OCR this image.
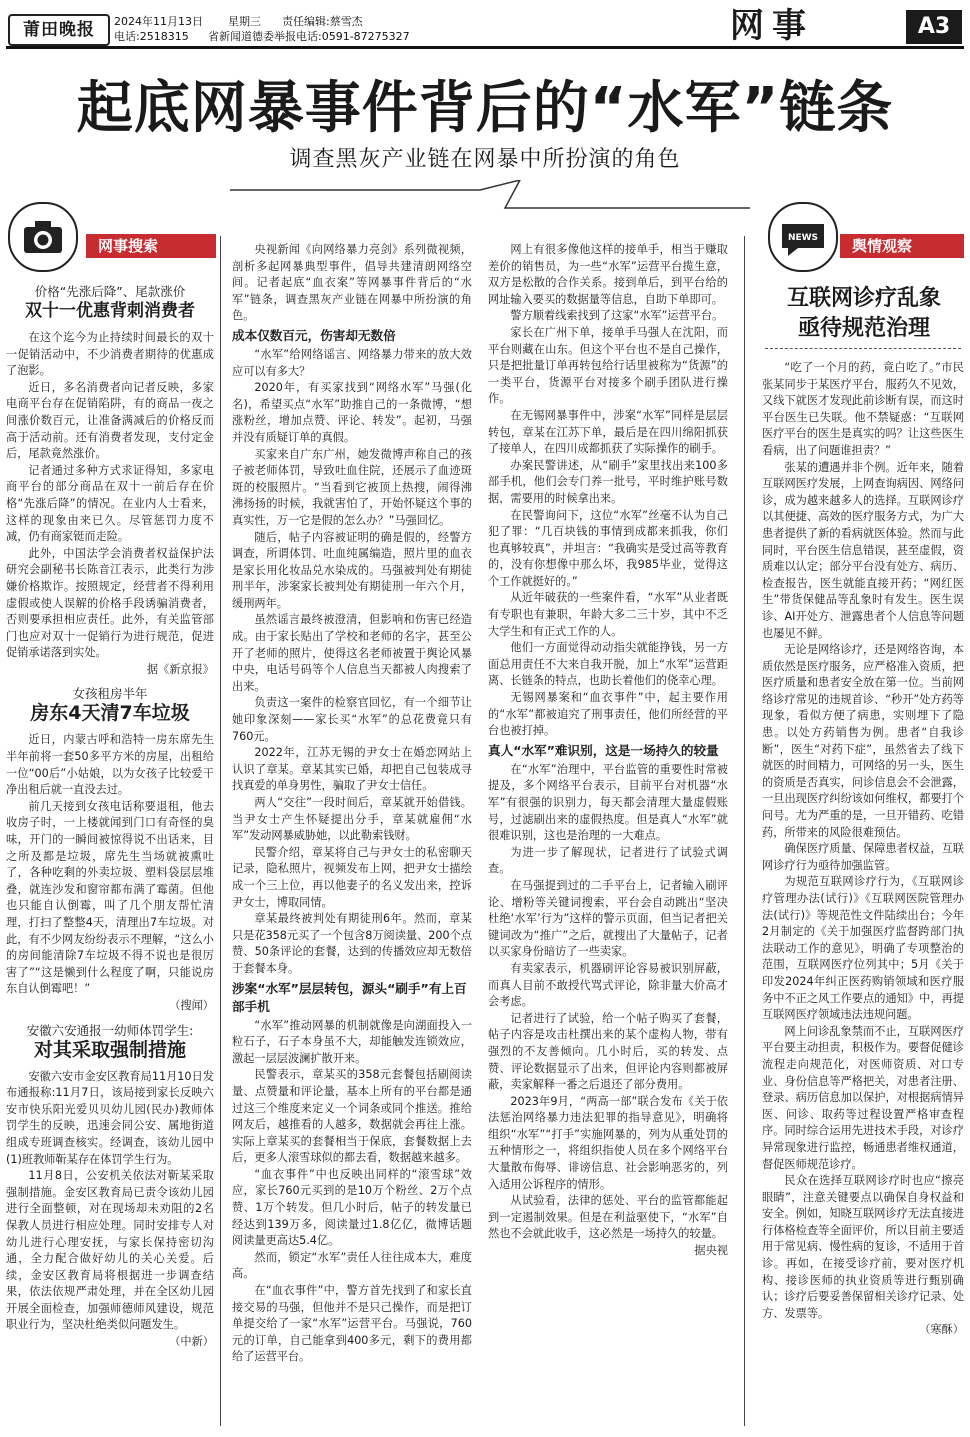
莆田晚报	2024年11月13日 星期三 责任编辑:蔡雪杰
电话:2518315 省新闻道德委举报电话:0591-87275327	网事	A3
起底网暴事件背后的“水军”链条
调查黑灰产业链在网暴中所扮演的角色
网事搜索
价格“先涨后降”、尾款涨价
双十一优惠背刺消费者

在这个迄今为止持续时间最长的双十一促销活动中，不少消费者期待的优惠成了泡影。

近日，多名消费者向记者反映，多家电商平台存在促销陷阱，有的商品一夜之间涨价数百元，让准备满减后的价格反而高于活动前。还有消费者发现，支付定金后，尾款竟然涨价。

记者通过多种方式求证得知，多家电商平台的部分商品在双十一前后存在价格“先涨后降”的情况。在业内人士看来，这样的现象由来已久。尽管惩罚力度不减，仍有商家铤而走险。

此外，中国法学会消费者权益保护法研究会副秘书长陈音江表示，此类行为涉嫌价格欺诈。按照规定，经营者不得利用虚假或使人误解的价格手段诱骗消费者，否则要承担相应责任。此外，有关监管部门也应对双十一促销行为进行规范，促进促销承诺落到实处。

据《新京报》

女孩租房半年
房东4天清7车垃圾

近日，内蒙古呼和浩特一房东席先生半年前将一套50多平方米的房屋，出租给一位“00后”小姑娘，以为女孩子比较爱干净出租后就一直没去过。

前几天接到女孩电话称要退租，他去收房子时，一上楼就闻到门口有奇怪的臭味，开门的一瞬间被惊得说不出话来，目之所及都是垃圾，席先生当场就被熏吐了，各种吃剩的外卖垃圾、塑料袋层层堆叠，就连沙发和窗帘都布满了霉菌。但他也只能自认倒霉，叫了几个朋友帮忙清理，打扫了整整4天，清理出7车垃圾。对此，有不少网友纷纷表示不理解，“这么小的房间能清除7车垃圾不得不说也是很厉害了”“这是懒到什么程度了啊，只能说房东自认倒霉吧！”

（搜闻）

安徽六安通报一幼师体罚学生:
对其采取强制措施

安徽六安市金安区教育局11月10日发布通报称:11月7日，该局接到家长反映六安市快乐阳光爱贝贝幼儿园(民办)教师体罚学生的反映，迅速会同公安、属地街道组成专班调查核实。经调查，该幼儿园中(1)班教师靳某存在体罚学生行为。

11月8日，公安机关依法对靳某采取强制措施。金安区教育局已责令该幼儿园进行全面整顿，对在现场却未劝阻的2名保教人员进行相应处理。同时安排专人对幼儿进行心理安抚，与家长保持密切沟通，全力配合做好幼儿的关心关爱。后续，金安区教育局将根据进一步调查结果，依法依规严肃处理，并在全区幼儿园开展全面检查，加强师德师风建设，规范职业行为，坚决杜绝类似问题发生。

（中新）

央视新闻《向网络暴力亮剑》系列微视频，剖析多起网暴典型事件，倡导共建清朗网络空间。记者起底“血衣案”等网暴事件背后的“水军”链条，调查黑灰产业链在网暴中所扮演的角色。

成本仅数百元，伤害却无数倍

“水军”给网络谣言、网络暴力带来的放大效应可以有多大？

2020年，有买家找到“网络水军”马强(化名)，希望买点“水军”助推自己的一条微博，“想涨粉丝，增加点赞、评论、转发”。起初，马强并没有质疑订单的真假。

买家来自广东广州，她发微博声称自己的孩子被老师体罚，导致吐血住院，还展示了血迹斑斑的校服照片。“当看到它被顶上热搜，闹得沸沸扬扬的时候，我就害怕了，开始怀疑这个事的真实性，万一它是假的怎么办？”马强回忆。

随后，帖子内容被证明的确是假的，经警方调查，所谓体罚、吐血纯属编造，照片里的血衣是家长用化妆品兑水染成的。马强被判处有期徒刑半年，涉案家长被判处有期徒刑一年六个月，缓刑两年。

虽然谣言最终被澄清，但影响和伤害已经造成。由于家长贴出了学校和老师的名字，甚至公开了老师的照片，使得这名老师被置于舆论风暴中央，电话号码等个人信息当天都被人肉搜索了出来。

负责这一案件的检察官回忆，有一个细节让她印象深刻——家长买“水军”的总花费竟只有760元。

2022年，江苏无锡的尹女士在婚恋网站上认识了章某。章某其实已婚，却把自己包装成寻找真爱的单身男性，骗取了尹女士信任。

两人“交往”一段时间后，章某就开始借钱。当尹女士产生怀疑提出分手，章某就雇佣“水军”发动网暴威胁她，以此勒索钱财。

民警介绍，章某将自己与尹女士的私密聊天记录，隐私照片，视频发布上网，把尹女士描绘成一个三上位，再以他妻子的名义发出来，控诉尹女士，博取同情。

章某最终被判处有期徒刑6年。然而，章某只是花358元买了一个包含8万阅读量、200个点赞、50条评论的套餐，达到的传播效应却无数倍于套餐本身。

涉案“水军”层层转包，源头“刷手”有上百部手机

“水军”推动网暴的机制就像是向湖面投入一粒石子，石子本身虽不大，却能触发连锁效应，激起一层层波澜扩散开来。

民警表示，章某买的358元套餐包括刷阅读量、点赞量和评论量，基本上所有的平台都是通过这三个维度来定义一个词条或同个推送。推给网友后，越推看的人越多，数据就会再往上涨。实际上章某买的套餐相当于保底，套餐数据上去后，更多人滚雪球似的都去看，数据越来越多。

“血衣事件”中也反映出同样的“滚雪球”效应，家长760元买到的是10万个粉丝、2万个点赞、1万个转发。但几小时后，帖子的转发量已经达到139万多，阅读量过1.8亿亿，微博话题阅读量更高达5.4亿。

然而，锁定“水军”责任人往往成本大，难度高。

在“血衣事件”中，警方首先找到了和家长直接交易的马强，但他并不是只己操作，而是把订单提交给了一家“水军”运营平台。马强说，760元的订单，自己能拿到400多元，剩下的费用都给了运营平台。

网上有很多像他这样的接单手，相当于赚取差价的销售员，为一些“水军”运营平台揽生意，双方是松散的合作关系。接到单后，到平台给的网址输入要买的数据量等信息，自助下单即可。

警方顺着线索找到了这家“水军”运营平台。

家长在广州下单，接单手马强人在沈阳，而平台则藏在山东。但这个平台也不是自己操作，只是把批量订单再转包给行话里被称为“货源”的一类平台，货源平台对接多个刷手团队进行操作。

在无锡网暴事件中，涉案“水军”同样是层层转包，章某在江苏下单，最后是在四川绵阳抓获了接单人，在四川成都抓获了实际操作的刷手。

办案民警讲述，从“刷手”家里找出来100多部手机，他们会专门养一批号，平时维护账号数据，需要用的时候拿出来。

在民警询问下，这位“水军”丝毫不认为自己犯了罪：“几百块钱的事情到成都来抓我，你们也真够较真”，并坦言：“我确实是受过高等教育的，没有你想像中那么坏，我985毕业，觉得这个工作就挺好的。”

从近年破获的一些案件看，“水军”从业者既有专职也有兼职，年龄大多二三十岁，其中不乏大学生和有正式工作的人。

他们一方面觉得动动指尖就能挣钱，另一方面总用责任不大来自我开脱，加上“水军”运营距离、长链条的特点，也助长着他们的侥幸心理。

无锡网暴案和“血衣事件”中，起主要作用的“水军”都被追究了刑事责任，他们所经营的平台也被打掉。

真人“水军”难识别，这是一场持久的较量

在“水军”治理中，平台监管的重要性时常被提及，多个网络平台表示，目前平台对机器“水军”有很强的识别力，每天都会清理大量虚假账号，过滤刷出来的虚假热度。但是真人“水军”就很难识别，这也是治理的一大难点。

为进一步了解现状，记者进行了试验式调查。

在马强提到过的二手平台上，记者输入刷评论、增粉等关键词搜索，平台会自动跳出“坚决杜绝‘水军’行为”这样的警示页面，但当记者把关键词改为“推广”之后，就搜出了大量帖子，记者以买家身份暗访了一些卖家。

有卖家表示，机器刷评论容易被识别屏蔽，而真人目前不敢授代骂式评论，除非量大价高才会考虑。

记者进行了试验，给一个帖子购买了套餐，帖子内容是攻击杜撰出来的某个虚构人物，带有强烈的不友善倾向。几小时后，买的转发、点赞、评论数据显示了出来，但评论内容则都被屏蔽，卖家解释一番之后退还了部分费用。

2023年9月，“两高一部”联合发布《关于依法惩治网络暴力违法犯罪的指导意见》，明确将组织“水军”“打手”实施网暴的，列为从重处罚的五种情形之一，将组织指使人员在多个网络平台大量散布侮辱、诽谤信息、社会影响恶劣的，列入适用公诉程序的情形。

从试验看，法律的惩处、平台的监管都能起到一定遏制效果。但是在利益驱使下，“水军”自然也不会就此收手，这必然是一场持久的较量。

据央视

NEWS	舆情观察
互联网诊疗乱象
亟待规范治理

“吃了一个月的药，竟白吃了。”市民张某同步于某医疗平台，服药久不见效，又线下就医才发现此前诊断有误，而这时平台医生已失联。他不禁疑惑：“互联网医疗平台的医生是真实的吗？让这些医生看病，出了问题谁担责？”

张某的遭遇并非个例。近年来，随着互联网医疗发展，上网查询病因、网络问诊，成为越来越多人的选择。互联网诊疗以其便捷、高效的医疗服务方式，为广大患者提供了新的看病就医体验。然而与此同时，平台医生信息错误，甚至虚假，资质难以认定；部分平台没有处方、病历、检查报告，医生就能直接开药；“网红医生”带货保健品等乱象时有发生。医生误诊、AI开处方、泄露患者个人信息等问题也屡见不鲜。

无论是网络诊疗，还是网络咨询，本质依然是医疗服务，应严格准入资质，把医疗质量和患者安全放在第一位。当前网络诊疗常见的违规首诊、“秒开”处方药等现象，看似方便了病患，实则埋下了隐患。以处方药销售为例。患者“自我诊断”，医生“对药下症”，虽然省去了线下就医的时间精力，可网络的另一头，医生的资质是否真实，问诊信息会不会泄露，一旦出现医疗纠纷该如何维权，都要打个问号。尤为严重的是，一旦开错药、吃错药，所带来的风险很难预估。

确保医疗质量、保障患者权益，互联网诊疗行为亟待加强监管。

为规范互联网诊疗行为，《互联网诊疗管理办法(试行)》《互联网医院管理办法(试行)》等规范性文件陆续出台；今年2月制定的《关于加强医疗监督跨部门执法联动工作的意见》，明确了专项整治的范围，互联网医疗位列其中；5月《关于印发2024年纠正医药购销领域和医疗服务中不正之风工作要点的通知》中，再提互联网医疗领域违法违规问题。

网上问诊乱象禁而不止，互联网医疗平台要主动担责，积极作为。要督促健诊流程走向规范化，对医师资质、对口专业、身份信息等严格把关，对患者注册、登录、病历信息加以保护，对根据病情异医、问诊、取药等过程设置严格审查程序。同时综合运用先进技术手段，对诊疗异常现象进行监控，畅通患者维权通道，督促医师规范诊疗。

民众在选择互联网诊疗时也应“擦亮眼睛”，注意关键要点以确保自身权益和安全。例如，知晓互联网诊疗无法直接进行体格检查等全面评价，所以目前主要适用于常见病、慢性病的复诊，不适用于首诊。再如，在接受诊疗前，要对医疗机构、接诊医师的执业资质等进行甄别确认；诊疗后要妥善保留相关诊疗记录、处方、发票等。

（寒酥）
